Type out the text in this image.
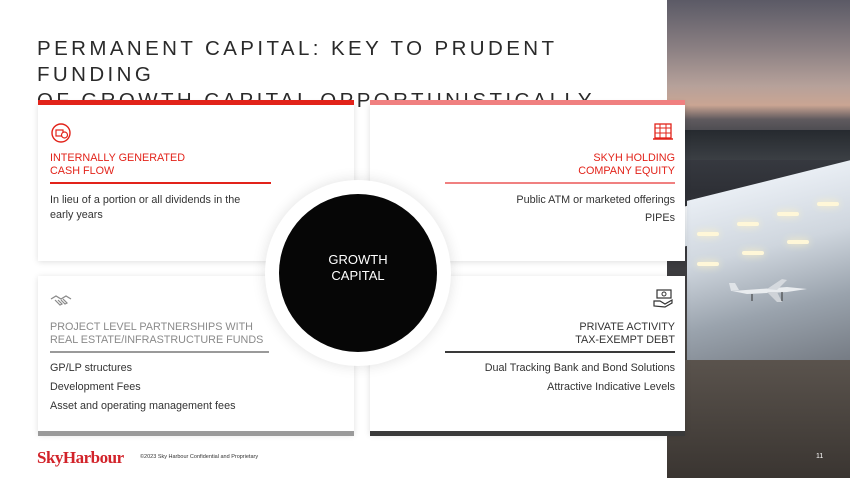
PERMANENT CAPITAL: KEY TO PRUDENT FUNDING

INTERNALLY GENERATED
CASH FLOW
In lieu of a portion or all dividends in the
early years
SKYH HOLDING
COMPANY EQUITY
Public ATM or marketed offerings
PIPEs
PROJECT LEVEL PARTNERSHIPS WITH
REAL ESTATE/INFRASTRUCTURE FUNDS
GP/LP structures
Development Fees
Asset and operating management fees
PRIVATE ACTIVITY
TAX-EXEMPT DEBT
Dual Tracking Bank and Bond Solutions
Attractive Indicative Levels
GROWTH
CAPITAL
SkyHarbour	©2023 Sky Harbour Confidential and Proprietary	11
